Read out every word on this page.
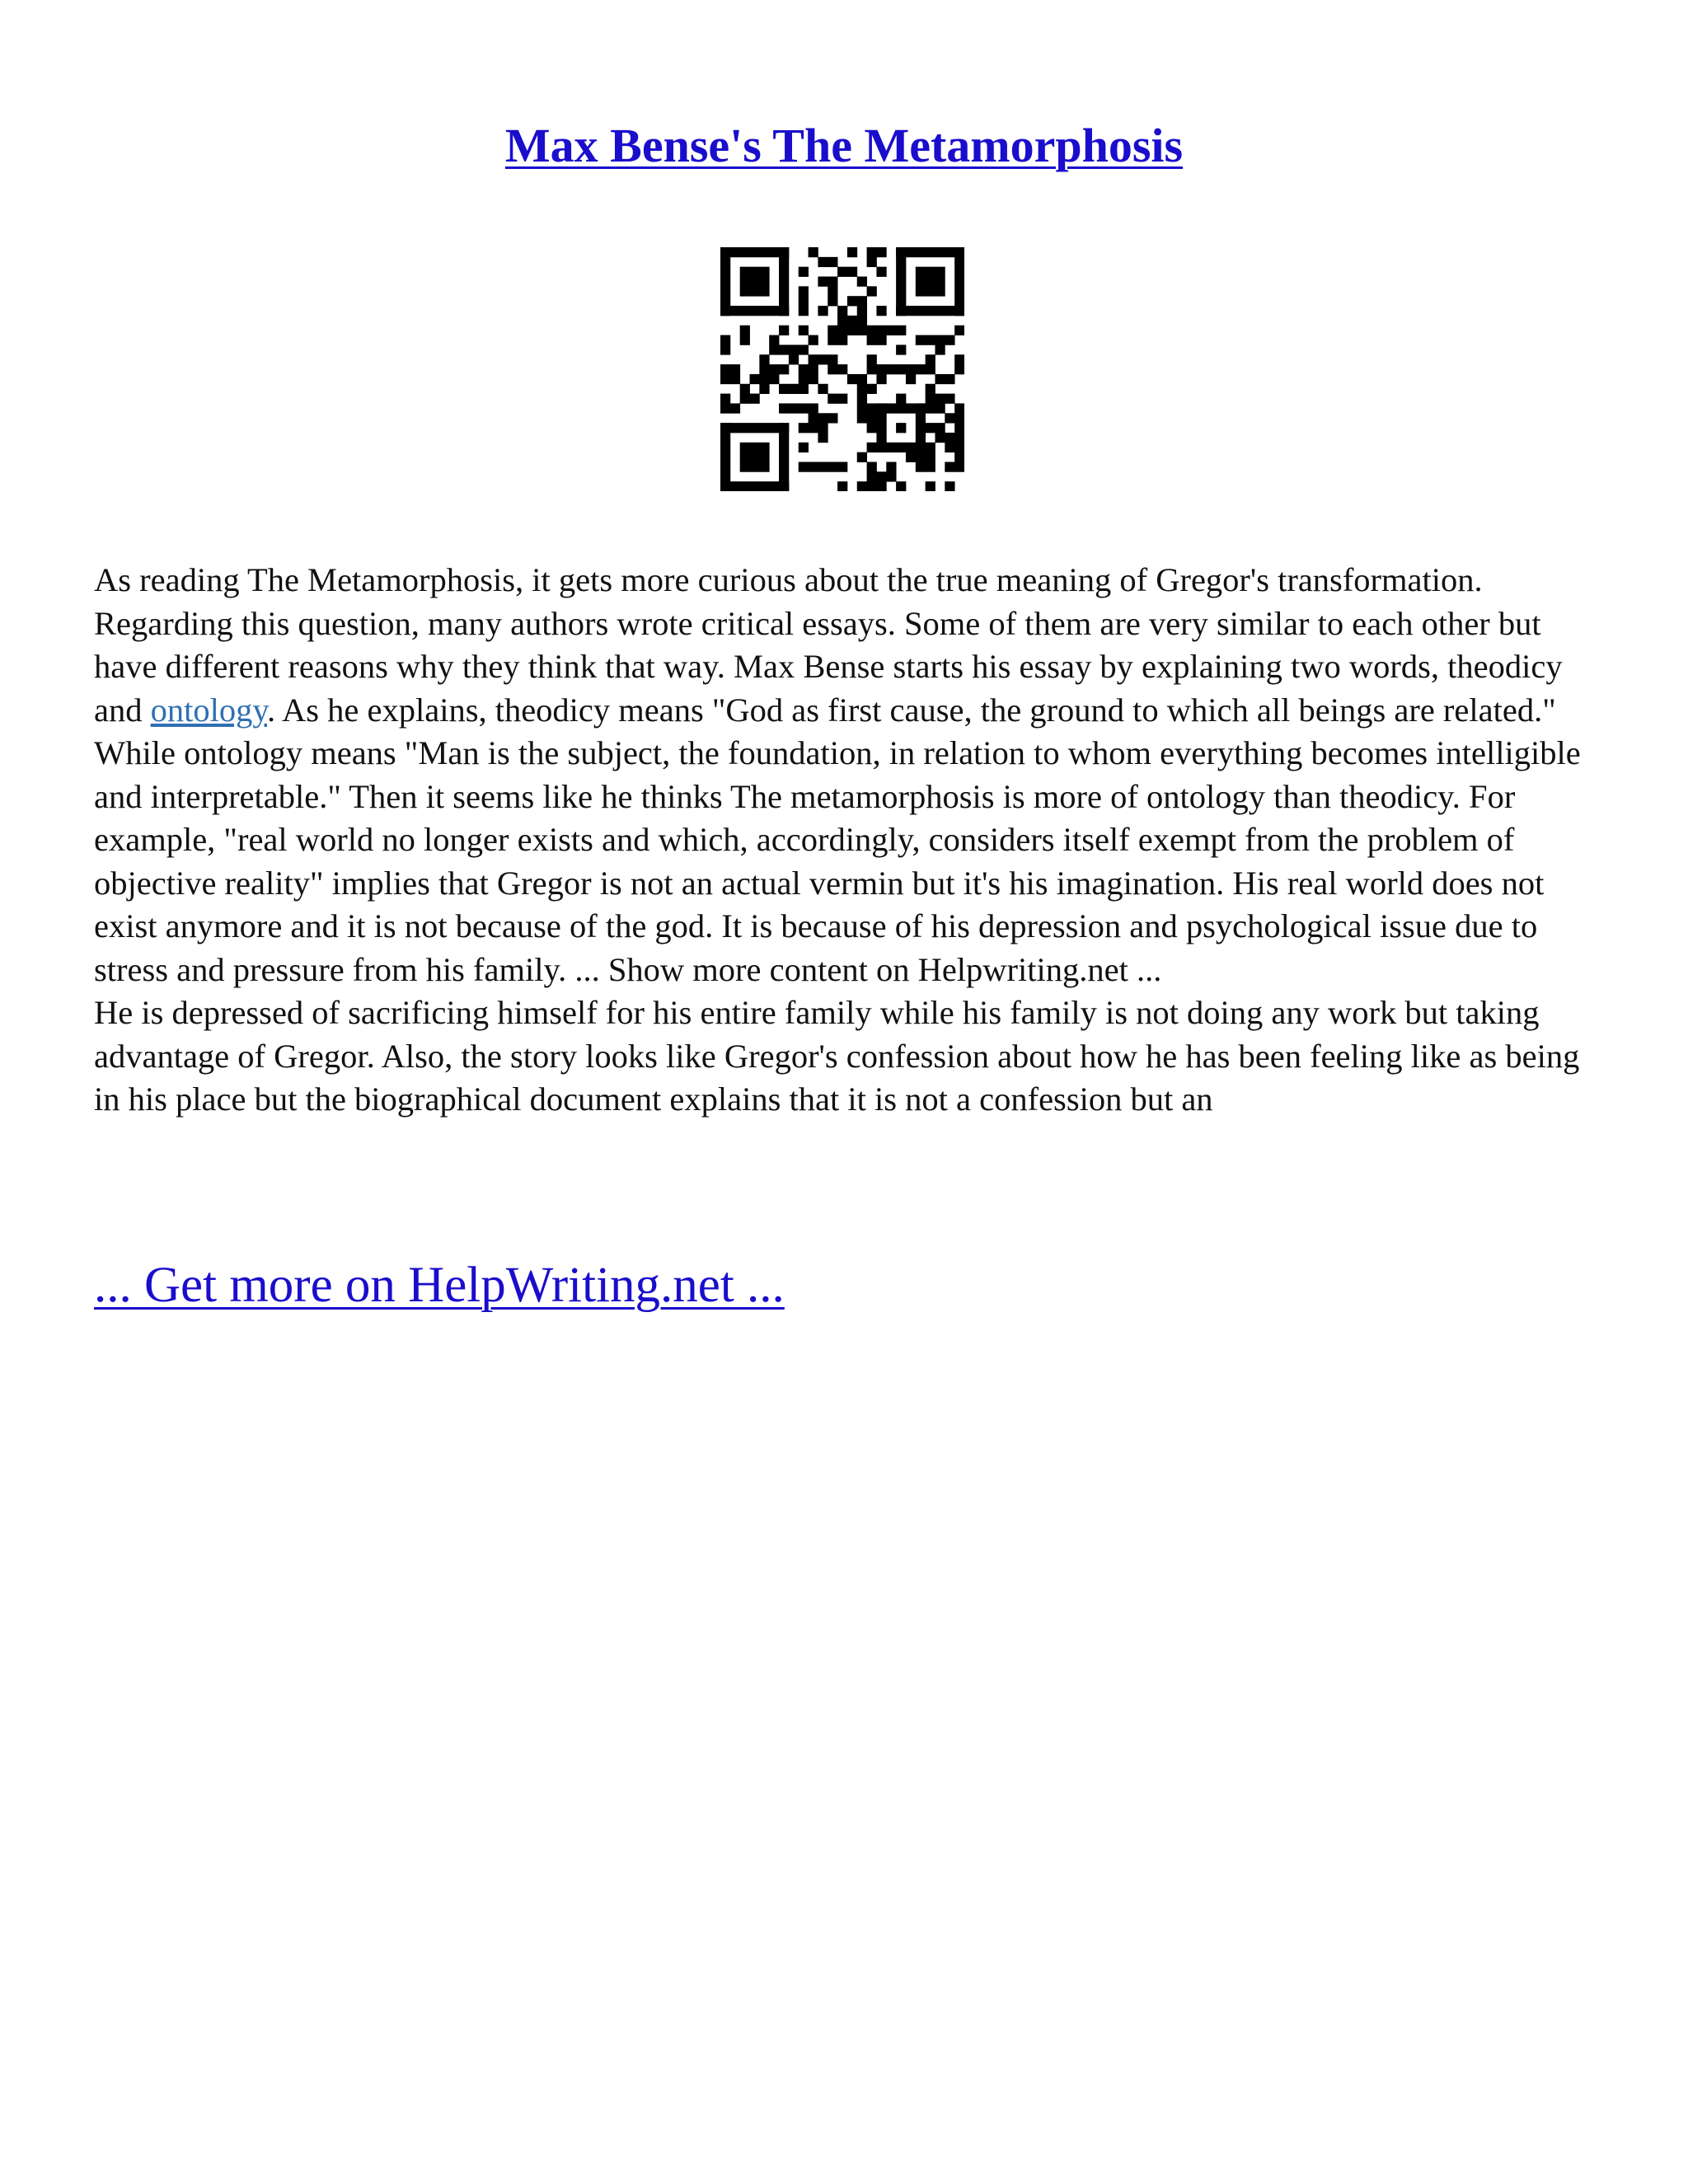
Max Bense's The Metamorphosis

As reading The Metamorphosis, it gets more curious about the true meaning of Gregor's transformation. Regarding this question, many authors wrote critical essays. Some of them are very similar to each other but have different reasons why they think that way. Max Bense starts his essay by explaining two words, theodicy and ontology. As he explains, theodicy means "God as first cause, the ground to which all beings are related." While ontology means "Man is the subject, the foundation, in relation to whom everything becomes intelligible and interpretable." Then it seems like he thinks The metamorphosis is more of ontology than theodicy. For example, "real world no longer exists and which, accordingly, considers itself exempt from the problem of objective reality" implies that Gregor is not an actual vermin but it's his imagination. His real world does not exist anymore and it is not because of the god. It is because of his depression and psychological issue due to stress and pressure from his family. ... Show more content on Helpwriting.net ...

He is depressed of sacrificing himself for his entire family while his family is not doing any work but taking advantage of Gregor. Also, the story looks like Gregor's confession about how he has been feeling like as being in his place but the biographical document explains that it is not a confession but an

... Get more on HelpWriting.net ...
